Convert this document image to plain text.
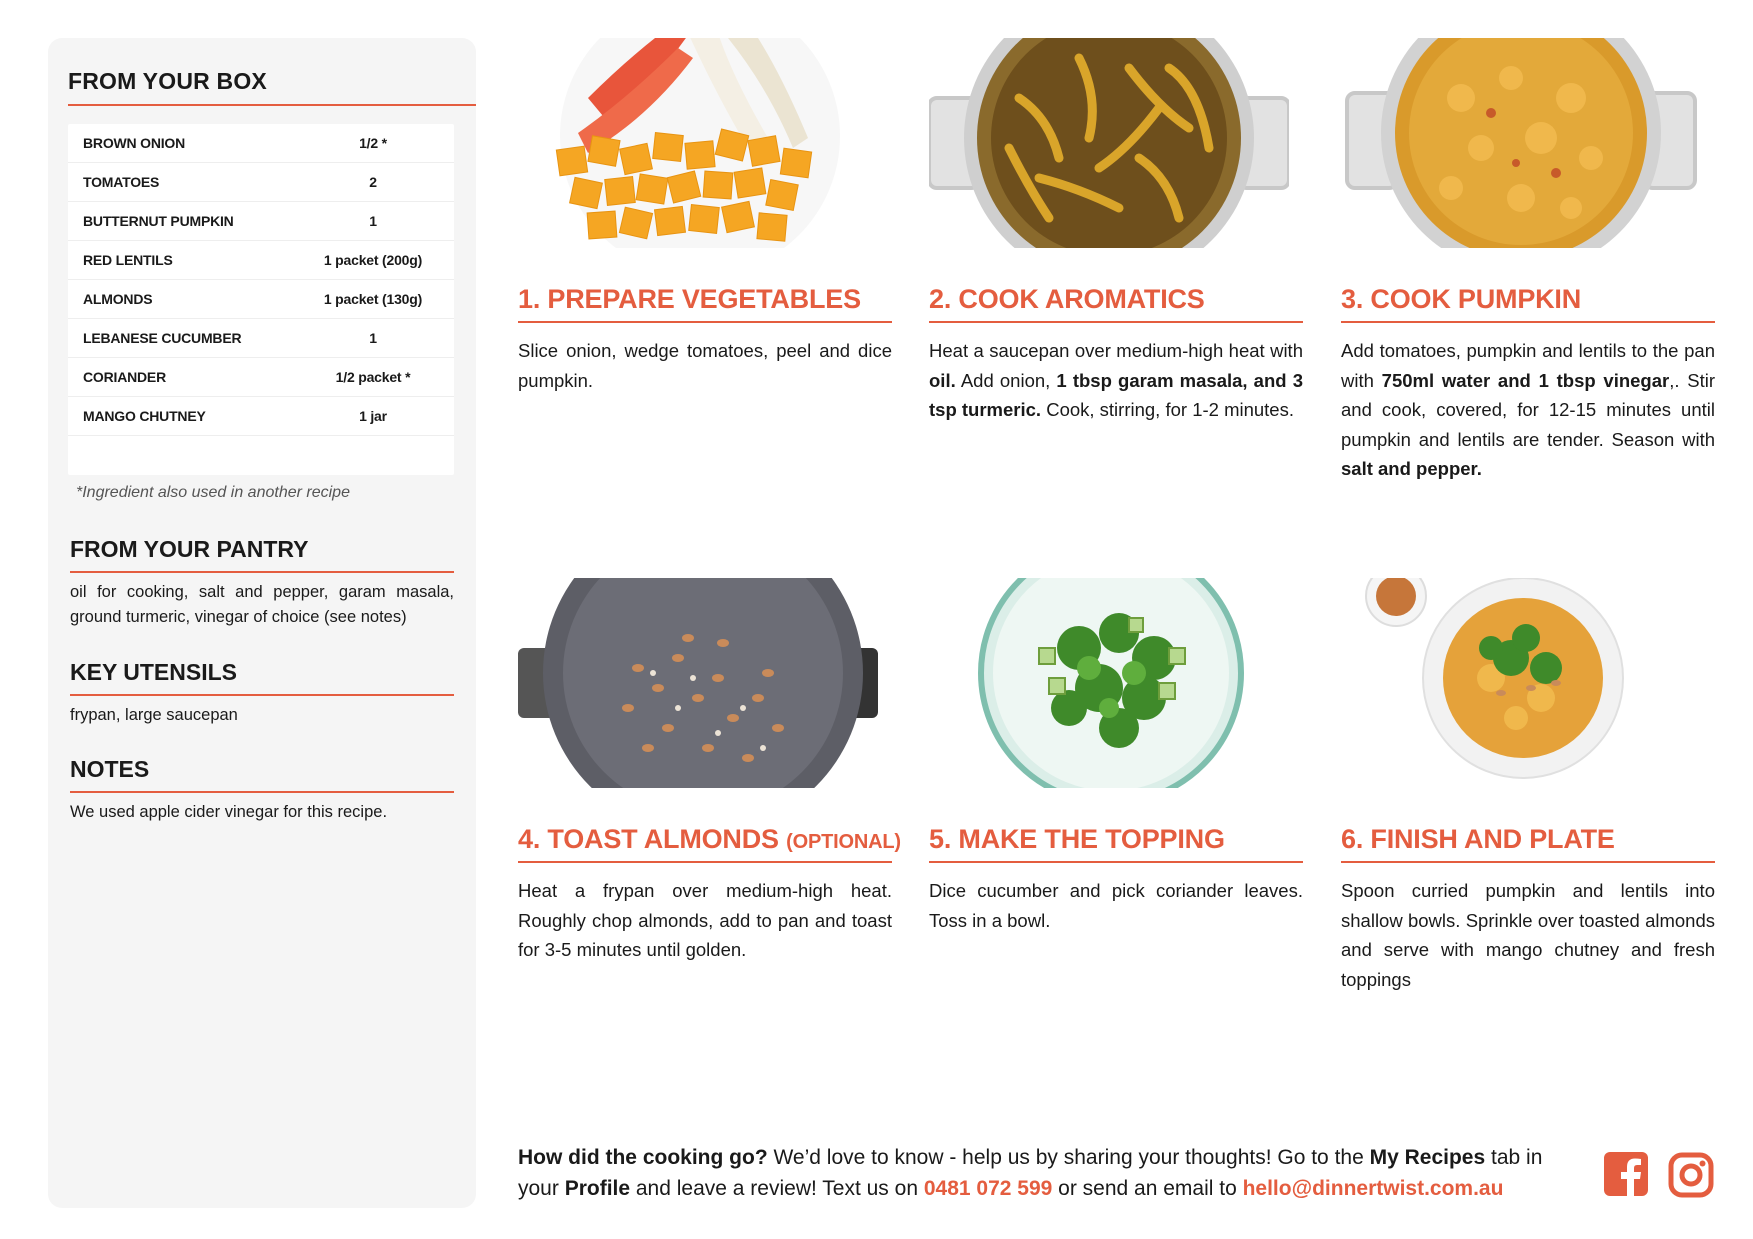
FROM YOUR BOX
BROWN ONION	1/2 *
TOMATOES	2
BUTTERNUT PUMPKIN	1
RED LENTILS	1 packet (200g)
ALMONDS	1 packet (130g)
LEBANESE CUCUMBER	1
CORIANDER	1/2 packet *
MANGO CHUTNEY	1 jar
*Ingredient also used in another recipe
FROM YOUR PANTRY
oil for cooking, salt and pepper, garam masala, ground turmeric, vinegar of choice (see notes)
KEY UTENSILS
frypan, large saucepan
NOTES
We used apple cider vinegar for this recipe.
1. PREPARE VEGETABLES
Slice onion, wedge tomatoes, peel and dice pumpkin.
2. COOK AROMATICS
Heat a saucepan over medium-high heat with oil. Add onion, 1 tbsp garam masala, and 3 tsp turmeric. Cook, stirring, for 1-2 minutes.
3. COOK PUMPKIN
Add tomatoes, pumpkin and lentils to the pan with 750ml water and 1 tbsp vinegar,. Stir and cook, covered, for 12-15 minutes until pumpkin and lentils are tender. Season with salt and pepper.
4. TOAST ALMONDS (OPTIONAL)
Heat a frypan over medium-high heat. Roughly chop almonds, add to pan and toast for 3-5 minutes until golden.
5. MAKE THE TOPPING
Dice cucumber and pick coriander leaves. Toss in a bowl.
6. FINISH AND PLATE
Spoon curried pumpkin and lentils into shallow bowls. Sprinkle over toasted almonds and serve with mango chutney and fresh toppings
How did the cooking go? We’d love to know - help us by sharing your thoughts! Go to the My Recipes tab in your Profile and leave a review! Text us on 0481 072 599 or send an email to hello@dinnertwist.com.au
